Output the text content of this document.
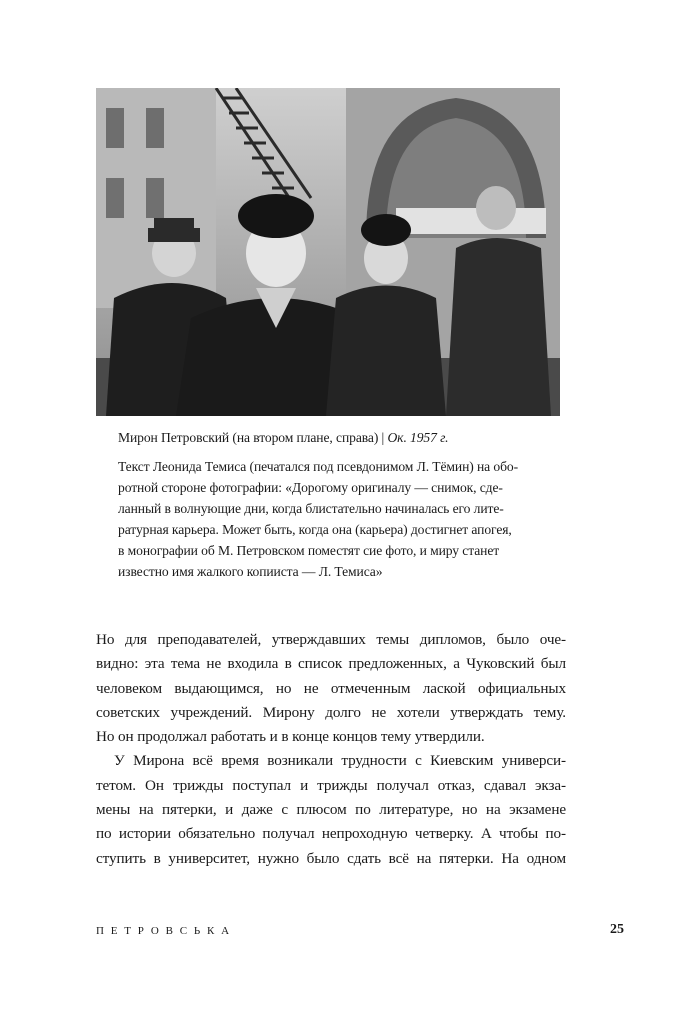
Мирон Петровский (на втором плане, справа) | Ок. 1957 г.

Текст Леонида Темиса (печатался под псевдонимом Л. Тёмин) на обо-

ротной стороне фотографии: «Дорогому оригиналу — снимок, сде-

ланный в волнующие дни, когда блистательно начиналась его лите-

ратурная карьера. Может быть, когда она (карьера) достигнет апогея,

в монографии об М. Петровском поместят сие фото, и миру станет

известно имя жалкого копииста — Л. Темиса»

Но для преподавателей, утверждавших темы дипломов, было оче-
видно: эта тема не входила в список предложенных, а Чуковский был
человеком выдающимся, но не отмеченным лаской официальных
советских учреждений. Мирону долго не хотели утверждать тему.
Но он продолжал работать и в конце концов тему утвердили.

У Мирона всё время возникали трудности с Киевским универси-
тетом. Он трижды поступал и трижды получал отказ, сдавал экза-
мены на пятерки, и даже с плюсом по литературе, но на экзамене
по истории обязательно получал непроходную четверку. А чтобы по-
ступить в университет, нужно было сдать всё на пятерки. На одном

ПЕТРОВСЬКА	25
